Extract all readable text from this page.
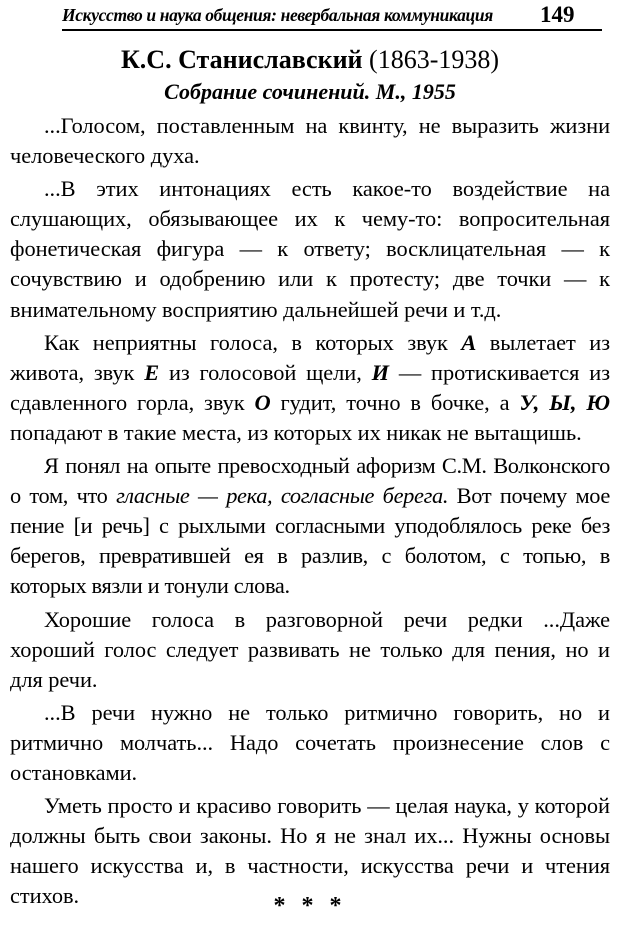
Искусство и наука общения: невербальная коммуникация 149
К.С. Станиславский (1863-1938)
Собрание сочинений. М., 1955

...Голосом, поставленным на квинту, не выразить жизни человеческого духа.

...В этих интонациях есть какое-то воздействие на слушающих, обязывающее их к чему-то: вопросительная фонетическая фигура — к ответу; восклицательная — к сочувствию и одобрению или к протесту; две точки — к внимательному восприятию дальнейшей речи и т.д.

Как неприятны голоса, в которых звук А вылетает из живота, звук Е из голосовой щели, И — протискивается из сдавленного горла, звук О гудит, точно в бочке, а У, Ы, Ю попадают в такие места, из которых их никак не вытащишь.

Я понял на опыте превосходный афоризм С.М. Волконского о том, что гласные — река, согласные берега. Вот почему мое пение [и речь] с рыхлыми согласными уподоблялось реке без берегов, превратившей ея в разлив, с болотом, с топью, в которых вязли и тонули слова.

Хорошие голоса в разговорной речи редки ...Даже хороший голос следует развивать не только для пения, но и для речи.

...В речи нужно не только ритмично говорить, но и ритмично молчать... Надо сочетать произнесение слов с остановками.

Уметь просто и красиво говорить — целая наука, у которой должны быть свои законы. Но я не знал их... Нужны основы нашего искусства и, в частности, искусства речи и чтения стихов.	* * *
